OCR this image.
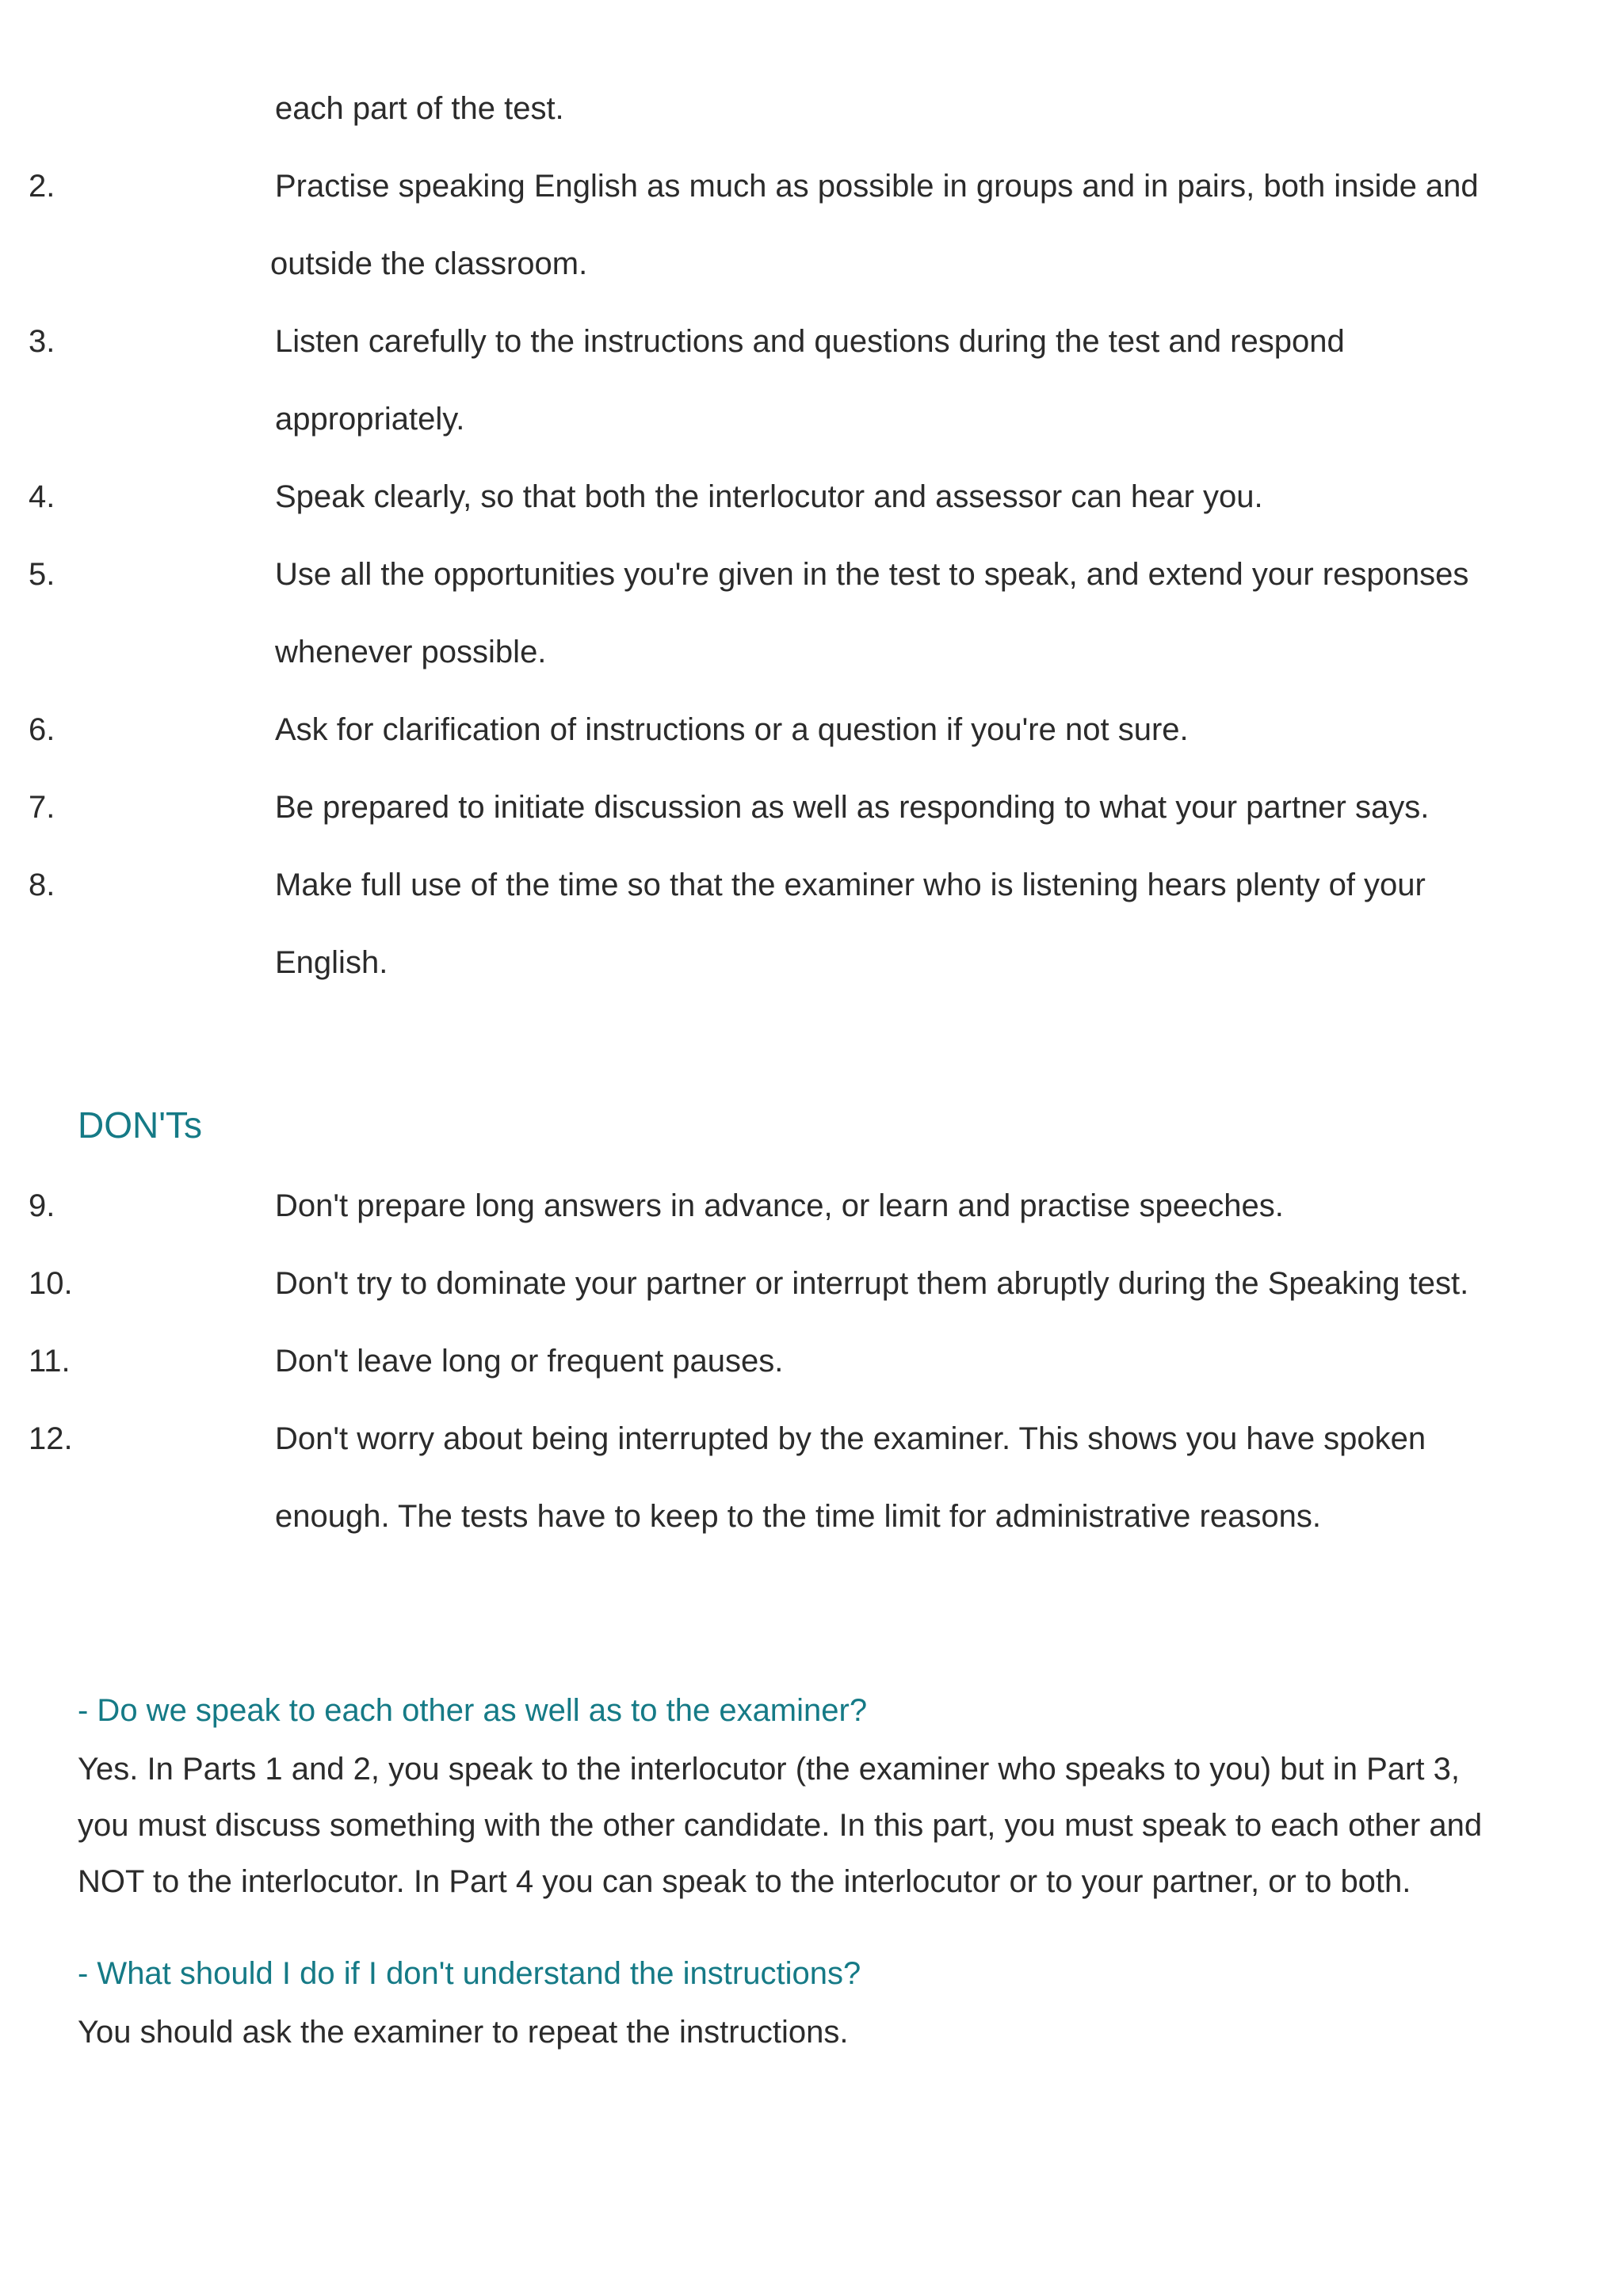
each part of the test.
2.	Practise speaking English as much as possible in groups and in pairs, both inside and
outside the classroom.
3.	Listen carefully to the instructions and questions during the test and respond
appropriately.
4.	Speak clearly, so that both the interlocutor and assessor can hear you.
5.	Use all the opportunities you're given in the test to speak, and extend your responses
whenever possible.
6.	Ask for clarification of instructions or a question if you're not sure.
7.	Be prepared to initiate discussion as well as responding to what your partner says.
8.	Make full use of the time so that the examiner who is listening hears plenty of your
English.
DON'Ts
9.	Don't prepare long answers in advance, or learn and practise speeches.
10.	Don't try to dominate your partner or interrupt them abruptly during the Speaking test.
11.	Don't leave long or frequent pauses.
12.	Don't worry about being interrupted by the examiner. This shows you have spoken
enough. The tests have to keep to the time limit for administrative reasons.
- Do we speak to each other as well as to the examiner?
Yes. In Parts 1 and 2, you speak to the interlocutor (the examiner who speaks to you) but in Part 3,
you must discuss something with the other candidate. In this part, you must speak to each other and
NOT to the interlocutor. In Part 4 you can speak to the interlocutor or to your partner, or to both.
- What should I do if I don't understand the instructions?
You should ask the examiner to repeat the instructions.
